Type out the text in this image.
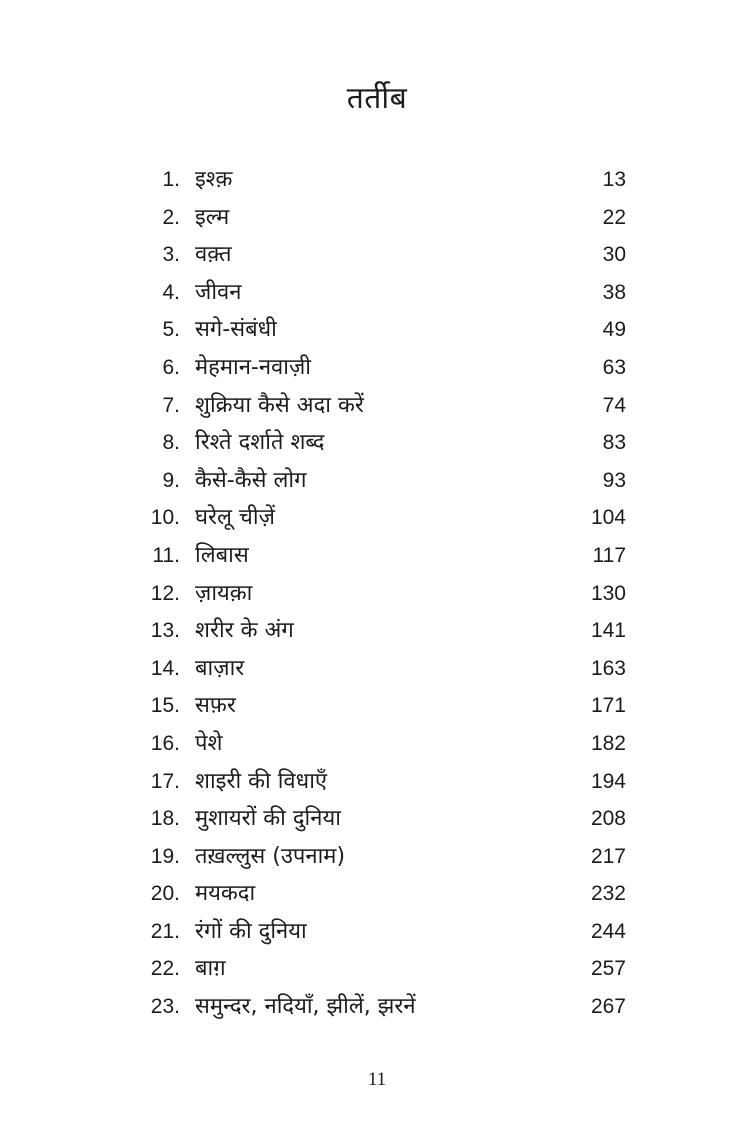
तर्तीब
1. इश्क़	13
2. इल्म	22
3. वक़्त	30
4. जीवन	38
5. सगे-संबंधी	49
6. मेहमान-नवाज़ी	63
7. शुक्रिया कैसे अदा करें	74
8. रिश्ते दर्शाते शब्द	83
9. कैसे-कैसे लोग	93
10. घरेलू चीज़ें	104
11. लिबास	117
12. ज़ायक़ा	130
13. शरीर के अंग	141
14. बाज़ार	163
15. सफ़र	171
16. पेशे	182
17. शाइरी की विधाएँ	194
18. मुशायरों की दुनिया	208
19. तख़ल्लुस (उपनाम)	217
20. मयकदा	232
21. रंगों की दुनिया	244
22. बाग़	257
23. समुन्दर, नदियाँ, झीलें, झरनें	267
11
